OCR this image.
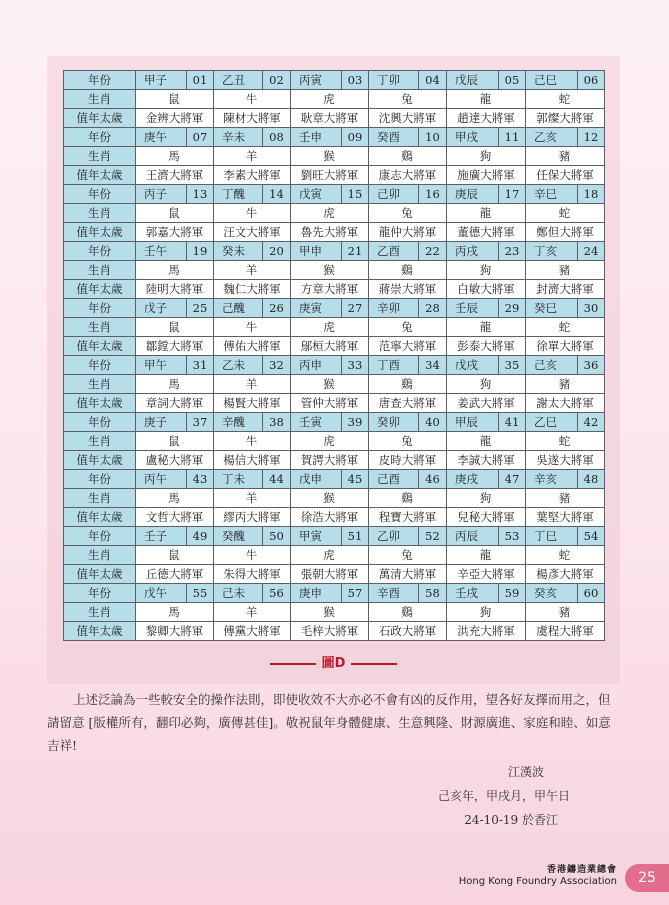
年份	甲子	01	乙丑	02	丙寅	03	丁卯	04	戊辰	05	己巳	06
生肖	鼠		牛		虎		兔		龍		蛇	
值年太歲	金辨大將軍		陳材大將軍		耿章大將軍		沈興大將軍		趙達大將軍		郭燦大將軍	
年份	庚午	07	辛未	08	壬申	09	癸酉	10	甲戌	11	乙亥	12
生肖	馬		羊		猴		鷄		狗		豬	
值年太歲	王濟大將軍		李素大將軍		劉旺大將軍		康志大將軍		施廣大將軍		任保大將軍	
年份	丙子	13	丁醜	14	戊寅	15	己卯	16	庚辰	17	辛巳	18
生肖	鼠		牛		虎		兔		龍		蛇	
值年太歲	郭嘉大將軍		汪文大將軍		魯先大將軍		龍仲大將軍		董德大將軍		鄭但大將軍	
年份	壬午	19	癸未	20	甲申	21	乙酉	22	丙戌	23	丁亥	24
生肖	馬		羊		猴		鷄		狗		豬	
值年太歲	陸明大將軍		魏仁大將軍		方章大將軍		蔣崇大將軍		白敏大將軍		封濟大將軍	
年份	戊子	25	己醜	26	庚寅	27	辛卯	28	壬辰	29	癸巳	30
生肖	鼠		牛		虎		兔		龍		蛇	
值年太歲	鄒鏜大將軍		傅佑大將軍		鄔桓大將軍		范寧大將軍		彭泰大將軍		徐單大將軍	
年份	甲午	31	乙未	32	丙申	33	丁酉	34	戊戌	35	己亥	36
生肖	馬		羊		猴		鷄		狗		豬	
值年太歲	章詞大將軍		楊賢大將軍		管仲大將軍		唐查大將軍		姜武大將軍		謝太大將軍	
年份	庚子	37	辛醜	38	壬寅	39	癸卯	40	甲辰	41	乙巳	42
生肖	鼠		牛		虎		兔		龍		蛇	
值年太歲	盧秘大將軍		楊信大將軍		賀諤大將軍		皮時大將軍		李誠大將軍		吳遂大將軍	
年份	丙午	43	丁未	44	戊申	45	己酉	46	庚戌	47	辛亥	48
生肖	馬		羊		猴		鷄		狗		豬	
值年太歲	文哲大將軍		繆丙大將軍		徐浩大將軍		程寶大將軍		兒秘大將軍		葉堅大將軍	
年份	壬子	49	癸醜	50	甲寅	51	乙卯	52	丙辰	53	丁巳	54
生肖	鼠		牛		虎		兔		龍		蛇	
值年太歲	丘德大將軍		朱得大將軍		張朝大將軍		萬清大將軍		辛亞大將軍		楊彥大將軍	
年份	戊午	55	己未	56	庚申	57	辛酉	58	壬戌	59	癸亥	60
生肖	馬		羊		猴		鷄		狗		豬	
值年太歲	黎卿大將軍		傅黨大將軍		毛梓大將軍		石政大將軍		洪充大將軍		虞程大將軍	
圖D

上述泛論為一些較安全的操作法則，即使收效不大亦必不會有凶的反作用，望各好友擇而用之，但請留意 [版權所有，翻印必夠，廣傳甚佳]。敬祝鼠年身體健康、生意興隆、財源廣進、家庭和睦、如意吉祥!

江漢波
己亥年，甲戌月，甲午日
24-10-19 於香江
香港鑄造業總會
Hong Kong Foundry Association	25
